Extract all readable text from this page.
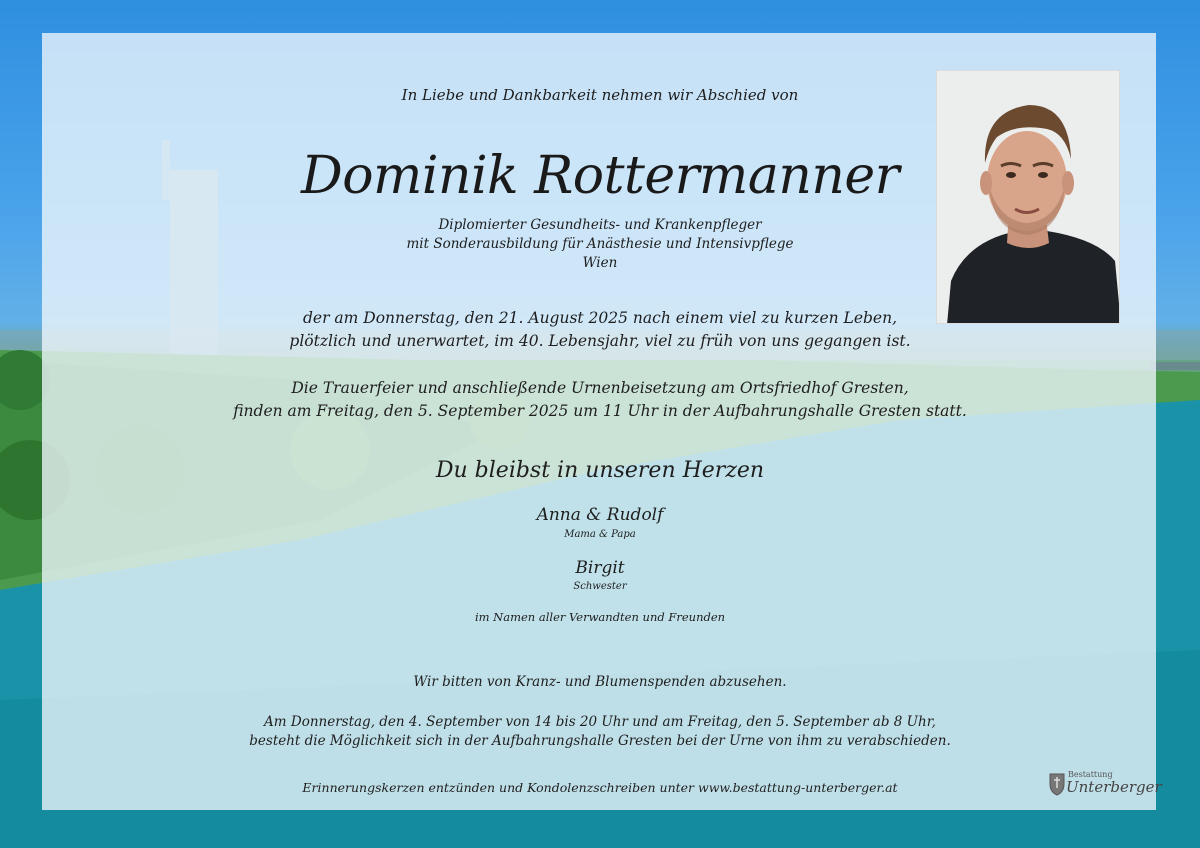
In Liebe und Dankbarkeit nehmen wir Abschied von
Dominik Rottermanner
Diplomierter Gesundheits- und Krankenpfleger
mit Sonderausbildung für Anästhesie und Intensivpflege
Wien
der am Donnerstag, den 21. August 2025 nach einem viel zu kurzen Leben,
plötzlich und unerwartet, im 40. Lebensjahr, viel zu früh von uns gegangen ist.
Die Trauerfeier und anschließende Urnenbeisetzung am Ortsfriedhof Gresten,
finden am Freitag, den 5. September 2025 um 11 Uhr in der Aufbahrungshalle Gresten statt.
Du bleibst in unseren Herzen
Anna & Rudolf
Mama & Papa
Birgit
Schwester
im Namen aller Verwandten und Freunden
Wir bitten von Kranz- und Blumenspenden abzusehen.
Am Donnerstag, den 4. September von 14 bis 20 Uhr und am Freitag, den 5. September ab 8 Uhr,
besteht die Möglichkeit sich in der Aufbahrungshalle Gresten bei der Urne von ihm zu verabschieden.
Erinnerungskerzen entzünden und Kondolenzschreiben unter www.bestattung-unterberger.at
Bestattung
Unterberger
